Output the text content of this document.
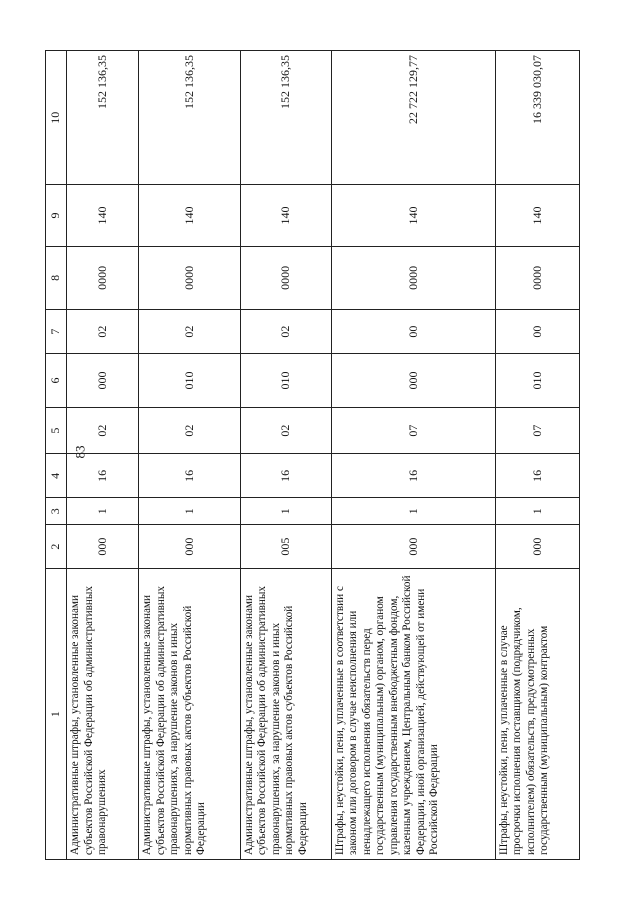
83
1	2	3	4	5	6	7	8	9	10
Административные штрафы, установленные законами субъектов Российской Федерации об административных правонарушениях	000	1	16	02	000	02	0000	140	152 136,35
Административные штрафы, установленные законами субъектов Российской Федерации об административных правонарушениях, за нарушение законов и иных нормативных правовых актов субъектов Российской Федерации	000	1	16	02	010	02	0000	140	152 136,35
Административные штрафы, установленные законами субъектов Российской Федерации об административных правонарушениях, за нарушение законов и иных нормативных правовых актов субъектов Российской Федерации	005	1	16	02	010	02	0000	140	152 136,35
Штрафы, неустойки, пени, уплаченные в соответствии с законом или договором в случае неисполнения или ненадлежащего исполнения обязательств перед государственным (муниципальным) органом, органом управления государственным внебюджетным фондом, казенным учреждением, Центральным банком Российской Федерации, иной организацией, действующей от имени Российской Федерации	000	1	16	07	000	00	0000	140	22 722 129,77
Штрафы, неустойки, пени, уплаченные в случае просрочки исполнения поставщиком (подрядчиком, исполнителем) обязательств, предусмотренных государственным (муниципальным) контрактом	000	1	16	07	010	00	0000	140	16 339 030,07
